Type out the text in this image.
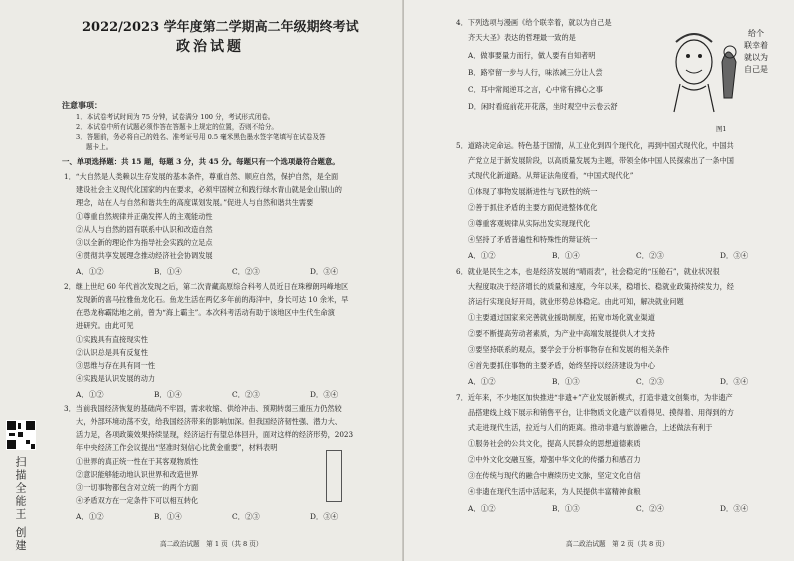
扫描全能王 创建
2022/2023 学年度第二学期高二年级期终考试
政治试题
注意事项：
1．本试卷考试时间为 75 分钟，试卷满分 100 分，考试形式闭卷。
2．本试卷中所有试题必须作答在答题卡上规定的位置，否则不给分。
3．答题前，务必将自己的姓名、准考证号用 0.5 毫米黑色墨水签字笔填写在试卷及答
题卡上。
一、单项选择题：共 15 题，每题 3 分，共 45 分。每题只有一个选项最符合题意。
1．“大自然是人类赖以生存发展的基本条件，尊重自然、顺应自然，保护自然，是全面
建设社会主义现代化国家的内在要求，必须牢固树立和践行绿水青山就是金山银山的
理念，站在人与自然和谐共生的高度谋划发展。”促进人与自然和谐共生需要
①尊重自然规律并正确发挥人的主观能动性
②从人与自然的固有联系中认识和改造自然
③以全新的理论作为指导社会实践的立足点
④贯彻共享发展理念推动经济社会协调发展
A．①②	B．①④	C．②③	D．③④
2．继上世纪 60 年代首次发现之后，第二次青藏高原综合科考人员近日在珠穆朗玛峰地区
发现新的喜马拉雅鱼龙化石。鱼龙生活在两亿多年前的海洋中，身长可达 10 余米，早
在恐龙称霸陆地之前，曾为“海上霸主”。本次科考活动有助于该地区中生代生命演
进研究。由此可见
①实践具有直接现实性
②认识总是具有反复性
③思维与存在具有同一性
④实践是认识发展的动力
A．①②	B．①④	C．②③	D．③④
3．当前我国经济恢复的基础尚不牢固，需求收缩、供给冲击、预期转弱三重压力仍然较
大，外部环境动荡不安，给我国经济带来的影响加深。但我国经济韧性强、潜力大、
活力足，各项政策效果持续显现，经济运行有望总体回升，面对这样的经济形势，2023
年中央经济工作会议提出“坚准时刻信心比黄金重要”，材料表明
①世界的真正统一性在于其客观物质性
②意识能够能动地认识世界和改造世界
③一切事物都包含对立统一的两个方面
④矛盾双方在一定条件下可以相互转化
A．①②	B．①④	C．②③	D．③④
高二政治试题　第 1 页（共 8 页）
4．下列选项与漫画《给个联幸着，就以为自己是
齐天大圣》表达的哲理最一致的是
A．做事要量力而行，做人要有自知者明
B．路窄留一步与人行，味浓减三分让人尝
C．耳中常闻逆耳之言，心中常有拂心之事
D．闲时看庭前花开花落，坐时观空中云卷云舒
给个
联幸着
就以为
自己是
图1
5．道路决定命运。特色基于国情，从工业化到四个现代化，再到中国式现代化，中国共
产党立足于新发展阶段，以高质量发展为主题，带领全体中国人民探索出了一条中国
式现代化新道路。从辩证法角度看，“中国式现代化”
①体现了事物发展渐进性与飞跃性的统一
②善于抓住矛盾的主要方面促进整体优化
③尊重客观规律从实际出发实现现代化
④坚持了矛盾普遍性和特殊性的辩证统一
A．①②	B．①④	C．②③	D．③④
6．就业是民生之本，也是经济发展的“晴雨表”，社会稳定的“压舱石”，就业状况很
大程度取决于经济增长的质量和速度，今年以来，稳增长、稳就业政策持续发力，经
济运行实现良好开局，就业形势总体稳定。由此可知，解决就业问题
①主要通过国家来完善就业援助制度，拓宽市场化就业渠道
②要不断提高劳动者素质，为产业中高端发展提供人才支持
③要坚持联系的观点，要学会于分析事物存在和发展的相关条件
④首先要抓住事物的主要矛盾，始终坚持以经济建设为中心
A．①②	B．①③	C．②③	D．③④
7．近年来，不少地区加快推进“非遗+”产业发展新模式，打造非遗文创集市，为非遗产
品搭建线上线下展示和销售平台，让非物质文化遗产以看得见、摸得着、用得到的方
式走进现代生活，拉近与人们的距离。推动非遗与旅游融合，上述做法有利于
①服务社会的公共文化，提高人民群众的思想道德素质
②中外文化交融互鉴，增强中华文化的传播力和感召力
③在传统与现代的融合中赓续历史文脉，坚定文化自信
④非遗在现代生活中活起来，为人民提供丰富精神食粮
A．①②	B．①③	C．②④	D．③④
高二政治试题　第 2 页（共 8 页）
